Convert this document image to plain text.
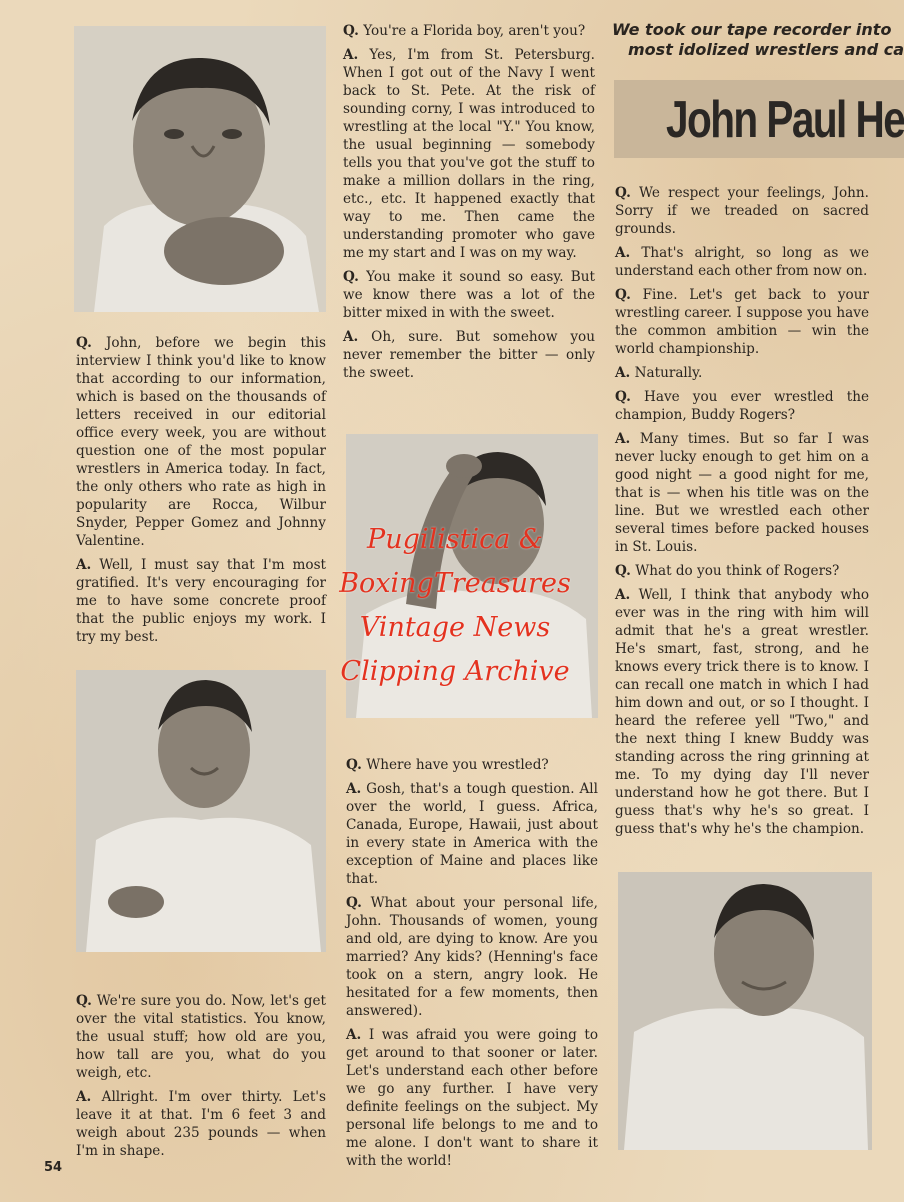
We took our tape recorder into
most idolized wrestlers and ca
John Paul He

Q. John, before we begin this interview I think you'd like to know that according to our information, which is based on the thousands of letters received in our editorial office every week, you are without question one of the most popular wrestlers in America today. In fact, the only others who rate as high in popularity are Rocca, Wilbur Snyder, Pepper Gomez and Johnny Valentine.

A. Well, I must say that I'm most gratified. It's very encouraging for me to have some concrete proof that the public enjoys my work. I try my best.

Q. We're sure you do. Now, let's get over the vital statistics. You know, the usual stuff; how old are you, how tall are you, what do you weigh, etc.

A. Allright. I'm over thirty. Let's leave it at that. I'm 6 feet 3 and weigh about 235 pounds — when I'm in shape.

Q. You're a Florida boy, aren't you?

A. Yes, I'm from St. Petersburg. When I got out of the Navy I went back to St. Pete. At the risk of sounding corny, I was introduced to wrestling at the local "Y." You know, the usual beginning — somebody tells you that you've got the stuff to make a million dollars in the ring, etc., etc. It happened exactly that way to me. Then came the understanding promoter who gave me my start and I was on my way.

Q. You make it sound so easy. But we know there was a lot of the bitter mixed in with the sweet.

A. Oh, sure. But somehow you never remember the bitter — only the sweet.

Q. Where have you wrestled?

A. Gosh, that's a tough question. All over the world, I guess. Africa, Canada, Europe, Hawaii, just about in every state in America with the exception of Maine and places like that.

Q. What about your personal life, John. Thousands of women, young and old, are dying to know. Are you married? Any kids? (Henning's face took on a stern, angry look. He hesitated for a few moments, then answered).

A. I was afraid you were going to get around to that sooner or later. Let's understand each other before we go any further. I have very definite feelings on the subject. My personal life belongs to me and to me alone. I don't want to share it with the world!

Q. We respect your feelings, John. Sorry if we treaded on sacred grounds.

A. That's alright, so long as we understand each other from now on.

Q. Fine. Let's get back to your wrestling career. I suppose you have the common ambition — win the world championship.

A. Naturally.

Q. Have you ever wrestled the champion, Buddy Rogers?

A. Many times. But so far I was never lucky enough to get him on a good night — a good night for me, that is — when his title was on the line. But we wrestled each other several times before packed houses in St. Louis.

Q. What do you think of Rogers?

A. Well, I think that anybody who ever was in the ring with him will admit that he's a great wrestler. He's smart, fast, strong, and he knows every trick there is to know. I can recall one match in which I had him down and out, or so I thought. I heard the referee yell "Two," and the next thing I knew Buddy was standing across the ring grinning at me. To my dying day I'll never understand how he got there. But I guess that's why he's so great. I guess that's why he's the champion.

Pugilistica &
BoxingTreasures
Vintage News
Clipping Archive
54
